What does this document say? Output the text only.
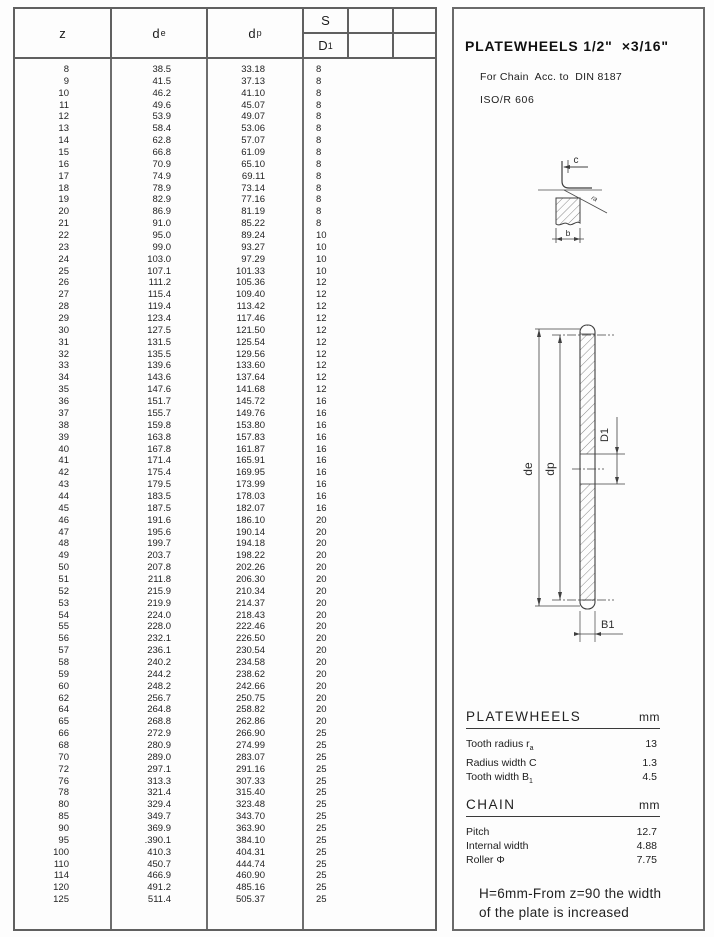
z	d e	d p
S
D 1
8	38.5	33.18	8
9	41.5	37.13	8
10	46.2	41.10	8
11	49.6	45.07	8
12	53.9	49.07	8
13	58.4	53.06	8
14	62.8	57.07	8
15	66.8	61.09	8
16	70.9	65.10	8
17	74.9	69.11	8
18	78.9	73.14	8
19	82.9	77.16	8
20	86.9	81.19	8
21	91.0	85.22	8
22	95.0	89.24	10
23	99.0	93.27	10
24	103.0	97.29	10
25	107.1	101.33	10
26	111.2	105.36	12
27	115.4	109.40	12
28	119.4	113.42	12
29	123.4	117.46	12
30	127.5	121.50	12
31	131.5	125.54	12
32	135.5	129.56	12
33	139.6	133.60	12
34	143.6	137.64	12
35	147.6	141.68	12
36	151.7	145.72	16
37	155.7	149.76	16
38	159.8	153.80	16
39	163.8	157.83	16
40	167.8	161.87	16
41	171.4	165.91	16
42	175.4	169.95	16
43	179.5	173.99	16
44	183.5	178.03	16
45	187.5	182.07	16
46	191.6	186.10	20
47	195.6	190.14	20
48	199.7	194.18	20
49	203.7	198.22	20
50	207.8	202.26	20
51	211.8	206.30	20
52	215.9	210.34	20
53	219.9	214.37	20
54	224.0	218.43	20
55	228.0	222.46	20
56	232.1	226.50	20
57	236.1	230.54	20
58	240.2	234.58	20
59	244.2	238.62	20
60	248.2	242.66	20
62	256.7	250.75	20
64	264.8	258.82	20
65	268.8	262.86	20
66	272.9	266.90	25
68	280.9	274.99	25
70	289.0	283.07	25
72	297.1	291.16	25
76	313.3	307.33	25
78	321.4	315.40	25
80	329.4	323.48	25
85	349.7	343.70	25
90	369.9	363.90	25
95	.390.1	384.10	25
100	410.3	404.31	25
110	450.7	444.74	25
114	466.9	460.90	25
120	491.2	485.16	25
125	511.4	505.37	25
PLATEWHEELS 1/2"  ×3/16"
For Chain  Acc. to  DIN 8187
ISO/R 606
c
ra
b
de dp
D1
B1
PLATEWHEELS	mm
Tooth radius $r_a$	13
Radius width C	1.3
Tooth width $B_1$	4.5
CHAIN	mm
Pitch	12.7
Internal width	4.88
Roller Φ	7.75
H=6mm-From z=90 the width
of the plate is increased
